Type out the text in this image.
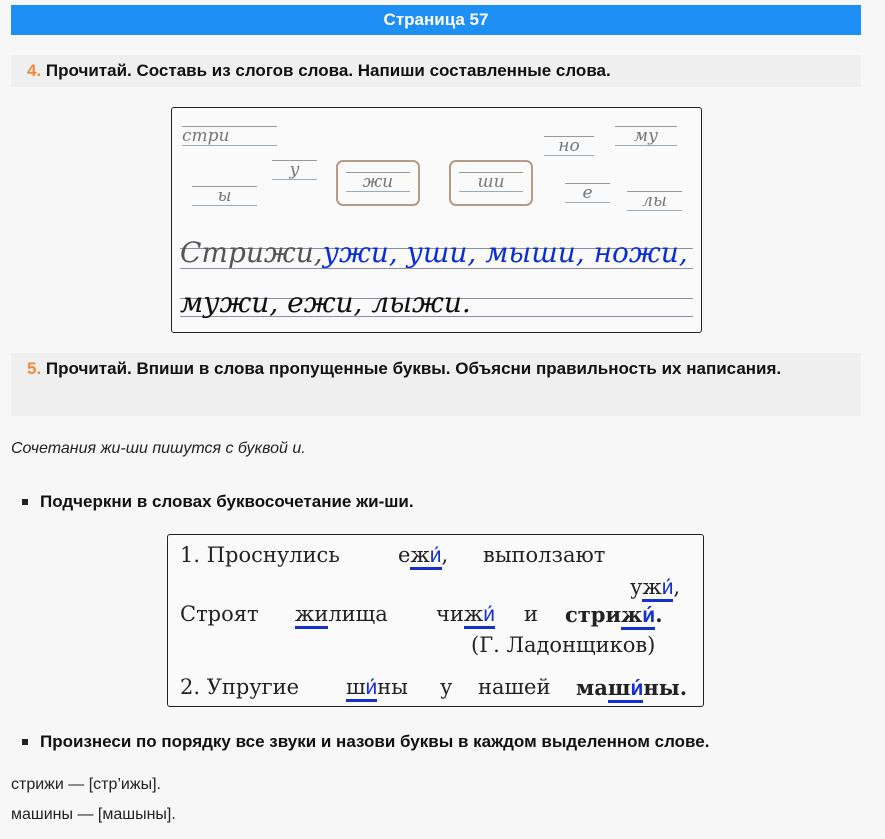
Страница 57
4. Прочитай. Составь из слогов слова. Напиши составленные слова.
стри
ы
у
жи	ши
но	му
е	лы
Стрижи,ужи, уши, мыши, ножи,
мужи, ежи, лыжи.
5. Прочитай. Впиши в слова пропущенные буквы. Объясни правильность их написания.
Сочетания жи-ши пишутся с буквой и.
Подчеркни в словах буквосочетание жи-ши.
1. Проснулись	ежи́, выползают
ужи́,
Строят жилища чижи́ и стрижи́.
(Г. Ладонщиков)
2. Упругие ши́ны у нашей маши́ны.
Произнеси по порядку все звуки и назови буквы в каждом выделенном слове.
стрижи — [стр’ижы].
машины — [машыны].
